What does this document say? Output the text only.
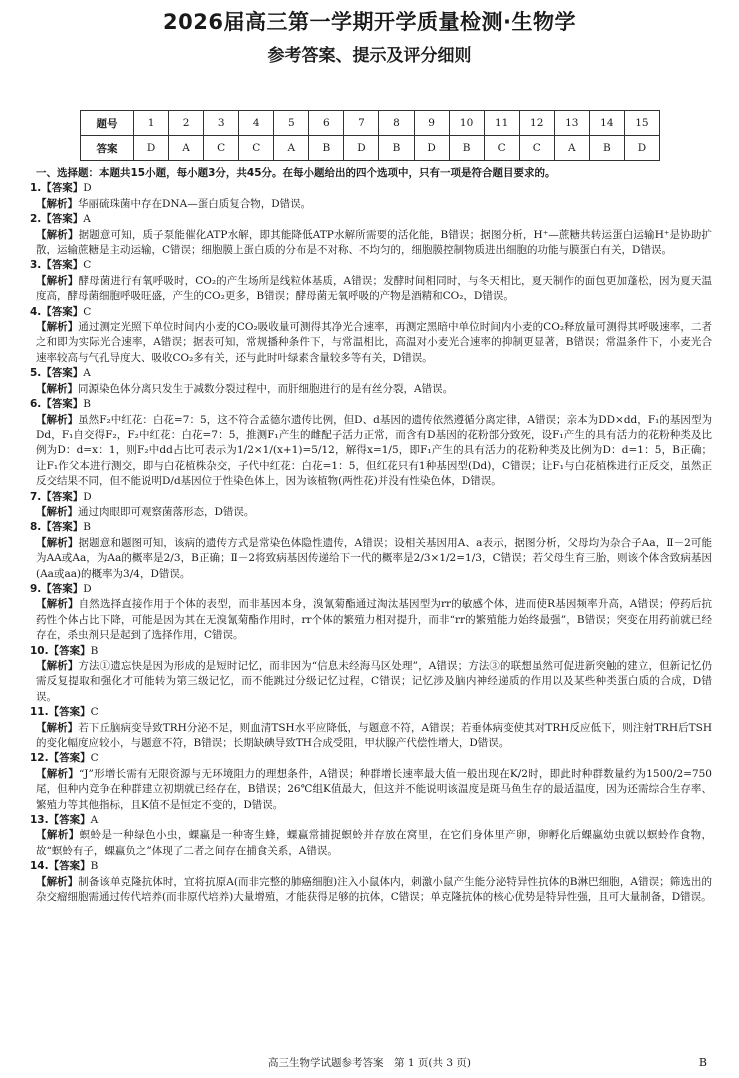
2026届高三第一学期开学质量检测·生物学
参考答案、提示及评分细则
题号	1	2	3	4	5	6	7	8	9	10	11	12	13	14	15
答案	D	A	C	C	A	B	D	B	D	B	C	C	A	B	D
一、选择题：本题共15小题，每小题3分，共45分。在每小题给出的四个选项中，只有一项是符合题目要求的。
1.【答案】D
【解析】华丽硫珠菌中存在DNA—蛋白质复合物，D错误。
2.【答案】A
【解析】据题意可知，质子泵能催化ATP水解，即其能降低ATP水解所需要的活化能，B错误；据图分析，H⁺—蔗糖共转运蛋白运输H⁺是协助扩散，运输蔗糖是主动运输，C错误；细胞膜上蛋白质的分布是不对称、不均匀的，细胞膜控制物质进出细胞的功能与膜蛋白有关，D错误。
3.【答案】C
【解析】酵母菌进行有氧呼吸时，CO₂的产生场所是线粒体基质，A错误；发酵时间相同时，与冬天相比，夏天制作的面包更加蓬松，因为夏天温度高，酵母菌细胞呼吸旺盛，产生的CO₂更多，B错误；酵母菌无氧呼吸的产物是酒精和CO₂，D错误。
4.【答案】C
【解析】通过测定光照下单位时间内小麦的CO₂吸收量可测得其净光合速率，再测定黑暗中单位时间内小麦的CO₂释放量可测得其呼吸速率，二者之和即为实际光合速率，A错误；据表可知，常规播种条件下，与常温相比，高温对小麦光合速率的抑制更显著，B错误；常温条件下，小麦光合速率较高与气孔导度大、吸收CO₂多有关，还与此时叶绿素含量较多等有关，D错误。
5.【答案】A
【解析】同源染色体分离只发生于减数分裂过程中，而肝细胞进行的是有丝分裂，A错误。
6.【答案】B
【解析】虽然F₂中红花：白花=7：5，这不符合孟德尔遗传比例，但D、d基因的遗传依然遵循分离定律，A错误；亲本为DD×dd，F₁的基因型为Dd，F₁自交得F₂，F₂中红花：白花=7：5，推测F₁产生的雌配子活力正常，而含有D基因的花粉部分致死，设F₁产生的具有活力的花粉种类及比例为D：d=x：1，则F₂中dd占比可表示为1/2×1/(x+1)=5/12，解得x=1/5，即F₁产生的具有活力的花粉种类及比例为D：d=1：5，B正确；让F₁作父本进行测交，即与白花植株杂交，子代中红花：白花=1：5，但红花只有1种基因型(Dd)，C错误；让F₁与白花植株进行正反交，虽然正反交结果不同，但不能说明D/d基因位于性染色体上，因为该植物(两性花)并没有性染色体，D错误。
7.【答案】D
【解析】通过肉眼即可观察菌落形态，D错误。
8.【答案】B
【解析】据题意和题图可知，该病的遗传方式是常染色体隐性遗传，A错误；设相关基因用A、a表示，据图分析，父母均为杂合子Aa，Ⅱ－2可能为AA或Aa，为Aa的概率是2/3，B正确；Ⅱ－2将致病基因传递给下一代的概率是2/3×1/2=1/3，C错误；若父母生育三胎，则该个体含致病基因(Aa或aa)的概率为3/4，D错误。
9.【答案】D
【解析】自然选择直接作用于个体的表型，而非基因本身，溴氰菊酯通过淘汰基因型为rr的敏感个体，进而使R基因频率升高，A错误；停药后抗药性个体占比下降，可能是因为其在无溴氰菊酯作用时，rr个体的繁殖力相对提升，而非“rr的繁殖能力始终最强”，B错误；突变在用药前就已经存在，杀虫剂只是起到了选择作用，C错误。
10.【答案】B
【解析】方法①遗忘快是因为形成的是短时记忆，而非因为“信息未经海马区处理”，A错误；方法③的联想虽然可促进新突触的建立，但新记忆仍需反复提取和强化才可能转为第三级记忆，而不能跳过分级记忆过程，C错误；记忆涉及脑内神经递质的作用以及某些种类蛋白质的合成，D错误。
11.【答案】C
【解析】若下丘脑病变导致TRH分泌不足，则血清TSH水平应降低，与题意不符，A错误；若垂体病变使其对TRH反应低下，则注射TRH后TSH的变化幅度应较小，与题意不符，B错误；长期缺碘导致TH合成受阻，甲状腺产代偿性增大，D错误。
12.【答案】C
【解析】“J”形增长需有无限资源与无环境阻力的理想条件，A错误；种群增长速率最大值一般出现在K/2时，即此时种群数量约为1500/2=750尾，但种内竞争在种群建立初期就已经存在，B错误；26℃组K值最大，但这并不能说明该温度是斑马鱼生存的最适温度，因为还需综合生存率、繁殖力等其他指标，且K值不是恒定不变的，D错误。
13.【答案】A
【解析】螟蛉是一种绿色小虫，蜾蠃是一种寄生蜂，蜾蠃常捕捉螟蛉并存放在窝里，在它们身体里产卵，卵孵化后蜾蠃幼虫就以螟蛉作食物，故“螟蛉有子，蜾蠃负之”体现了二者之间存在捕食关系，A错误。
14.【答案】B
【解析】制备该单克隆抗体时，宜将抗原A(而非完整的肺癌细胞)注入小鼠体内，刺激小鼠产生能分泌特异性抗体的B淋巴细胞，A错误；筛选出的杂交瘤细胞需通过传代培养(而非原代培养)大量增殖，才能获得足够的抗体，C错误；单克隆抗体的核心优势是特异性强，且可大量制备，D错误。
高三生物学试题参考答案　第 1 页(共 3 页)	B
